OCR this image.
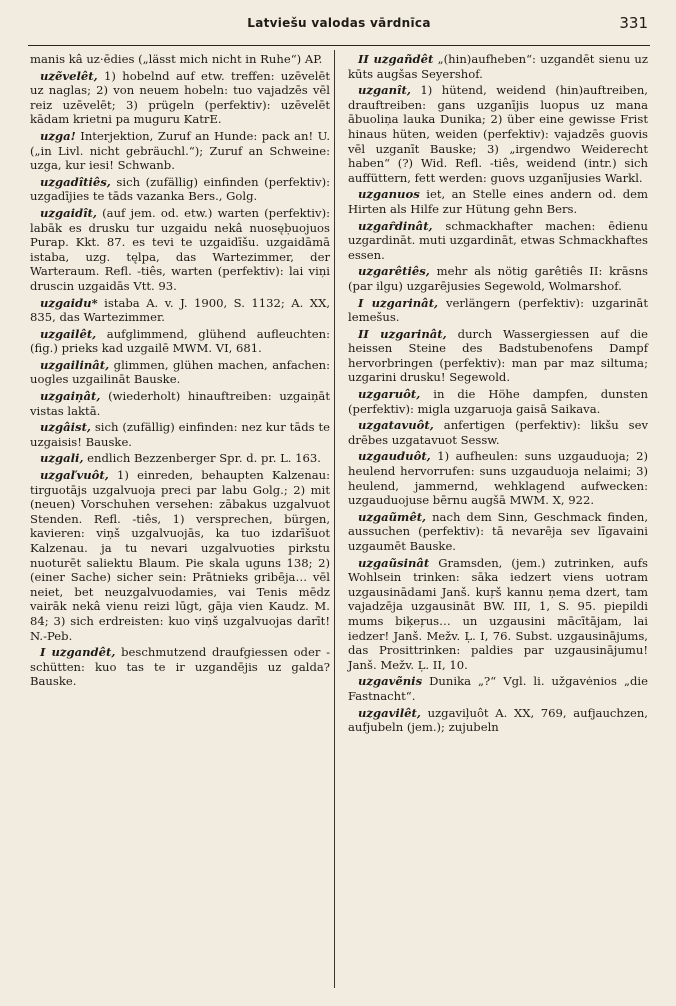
Latviešu valodas vārdnīca	331

manis kâ uz·ēdies („lässt mich nicht in Ruhe“) AP.

uzẽvelêt, 1) hobelnd auf etw. treffen: uzēvelēt uz naglas; 2) von neuem hobeln: tuo vajadzēs vēl reiz uzēvelēt; 3) prügeln (perfektiv): uzēvelēt kādam krietni pa muguru KatrE.

uzga! Interjektion, Zuruf an Hunde: pack an! U. („in Livl. nicht gebräuchl.“); Zuruf an Schweine: uzga, kur iesi! Schwanb.

uzgadîtiês, sich (zufällig) einfinden (perfektiv): uzgadījies te tāds vazanka Bers., Golg.

uzgaidît, (auf jem. od. etw.) warten (perfektiv): labāk es drusku tur uzgaidu nekâ nuosęḅuojuos Purap. Kkt. 87. es tevi te uzgaidīšu. uzgaidāmā istaba, uzg. tęlpa, das Wartezimmer, der Warteraum. Refl. -tiês, warten (perfektiv): lai viņi druscin uzgaidās Vtt. 93.

uzgaidu* istaba A. v. J. 1900, S. 1132; A. XX, 835, das Wartezimmer.

uzgailêt, aufglimmend, glühend aufleuchten: (fig.) prieks kad uzgailē MWM. VI, 681.

uzgailinât, glimmen, glühen machen, anfachen: uogles uzgailināt Bauske.

uzgaiņât, (wiederholt) hinauftreiben: uzgaiņāt vistas laktā.

uzgâist, sich (zufällig) einfinden: nez kur tāds te uzgaisis! Bauske.

uzgali, endlich Bezzenberger Spr. d. pr. L. 163.

uzgaľvuôt, 1) einreden, behaupten Kalzenau: tirguotājs uzgalvuoja preci par labu Golg.; 2) mit (neuen) Vorschuhen versehen: zābakus uzgalvuot Stenden. Refl. -tiês, 1) versprechen, bürgen, kavieren: viņš uzgalvuojās, ka tuo izdarīšuot Kalzenau. ja tu nevari uzgalvuoties pirkstu nuoturēt saliektu Blaum. Pie skala uguns 138; 2) (einer Sache) sicher sein: Prātnieks gribēja… vēl neiet, bet neuzgalvuodamies, vai Tenis mēdz vairāk nekâ vienu reizi lūgt, gāja vien Kaudz. M. 84; 3) sich erdreisten: kuo viņš uzgalvuojas darīt! N.-Peb.

I uzgandêt, beschmutzend draufgiessen oder -schütten: kuo tas te ir uzgandējis uz galda? Bauske.

II uzgañdêt „(hin)aufheben“: uzgandēt sienu uz kūts augšas Seyershof.

uzganît, 1) hütend, weidend (hin)auftreiben, drauftreiben: gans uzganījis luopus uz mana ābuoliņa lauka Dunika; 2) über eine gewisse Frist hinaus hüten, weiden (perfektiv): vajadzēs guovis vēl uzganīt Bauske; 3) „irgendwo Weiderecht haben“ (?) Wid. Refl. -tiês, weidend (intr.) sich auffüttern, fett werden: guovs uzganījusies Warkl.

uzganuos iet, an Stelle eines andern od. dem Hirten als Hilfe zur Hütung gehn Bers.

uzgaȓdinât, schmackhafter machen: ēdienu uzgardināt. muti uzgardināt, etwas Schmackhaftes essen.

uzgarêtiês, mehr als nötig garêtiês II: krāsns (par ilgu) uzgarējusies Segewold, Wolmarshof.

I uzgarinât, verlängern (perfektiv): uzgarināt lemešus.

II uzgarinât, durch Wassergiessen auf die heissen Steine des Badstubenofens Dampf hervorbringen (perfektiv): man par maz siltuma; uzgarini drusku! Segewold.

uzgaruôt, in die Höhe dampfen, dunsten (perfektiv): migla uzgaruoja gaisā Saikava.

uzgatavuôt, anfertigen (perfektiv): likšu sev drēbes uzgatavuot Sessw.

uzgauduôt, 1) aufheulen: suns uzgauduoja; 2) heulend hervorrufen: suns uzgauduoja nelaimi; 3) heulend, jammernd, wehklagend aufwecken: uzgauduojuse bērnu augšā MWM. X, 922.

uzgaũmêt, nach dem Sinn, Geschmack finden, aussuchen (perfektiv): tā nevarēja sev līgavaini uzgaumēt Bauske.

uzgaũsinât Gramsden, (jem.) zutrinken, aufs Wohlsein trinken: sāka iedzert viens uotram uzgausinādami Janš. kuŗš kannu ņema dzert, tam vajadzēja uzgausināt BW. III, 1, S. 95. piepildi mums biķeŗus… un uzgausini mācītājam, lai iedzer! Janš. Mežv. Ḷ. I, 76. Subst. uzgausinājums, das Prosittrinken: paldies par uzgausinājumu! Janš. Mežv. Ḷ. II, 10.

uzgavẽnis Dunika „?“ Vgl. li. užgavėnios „die Fastnacht“.

uzgavilêt, uzgaviļuôt A. XX, 769, aufjauchzen, aufjubeln (jem.); zujubeln
